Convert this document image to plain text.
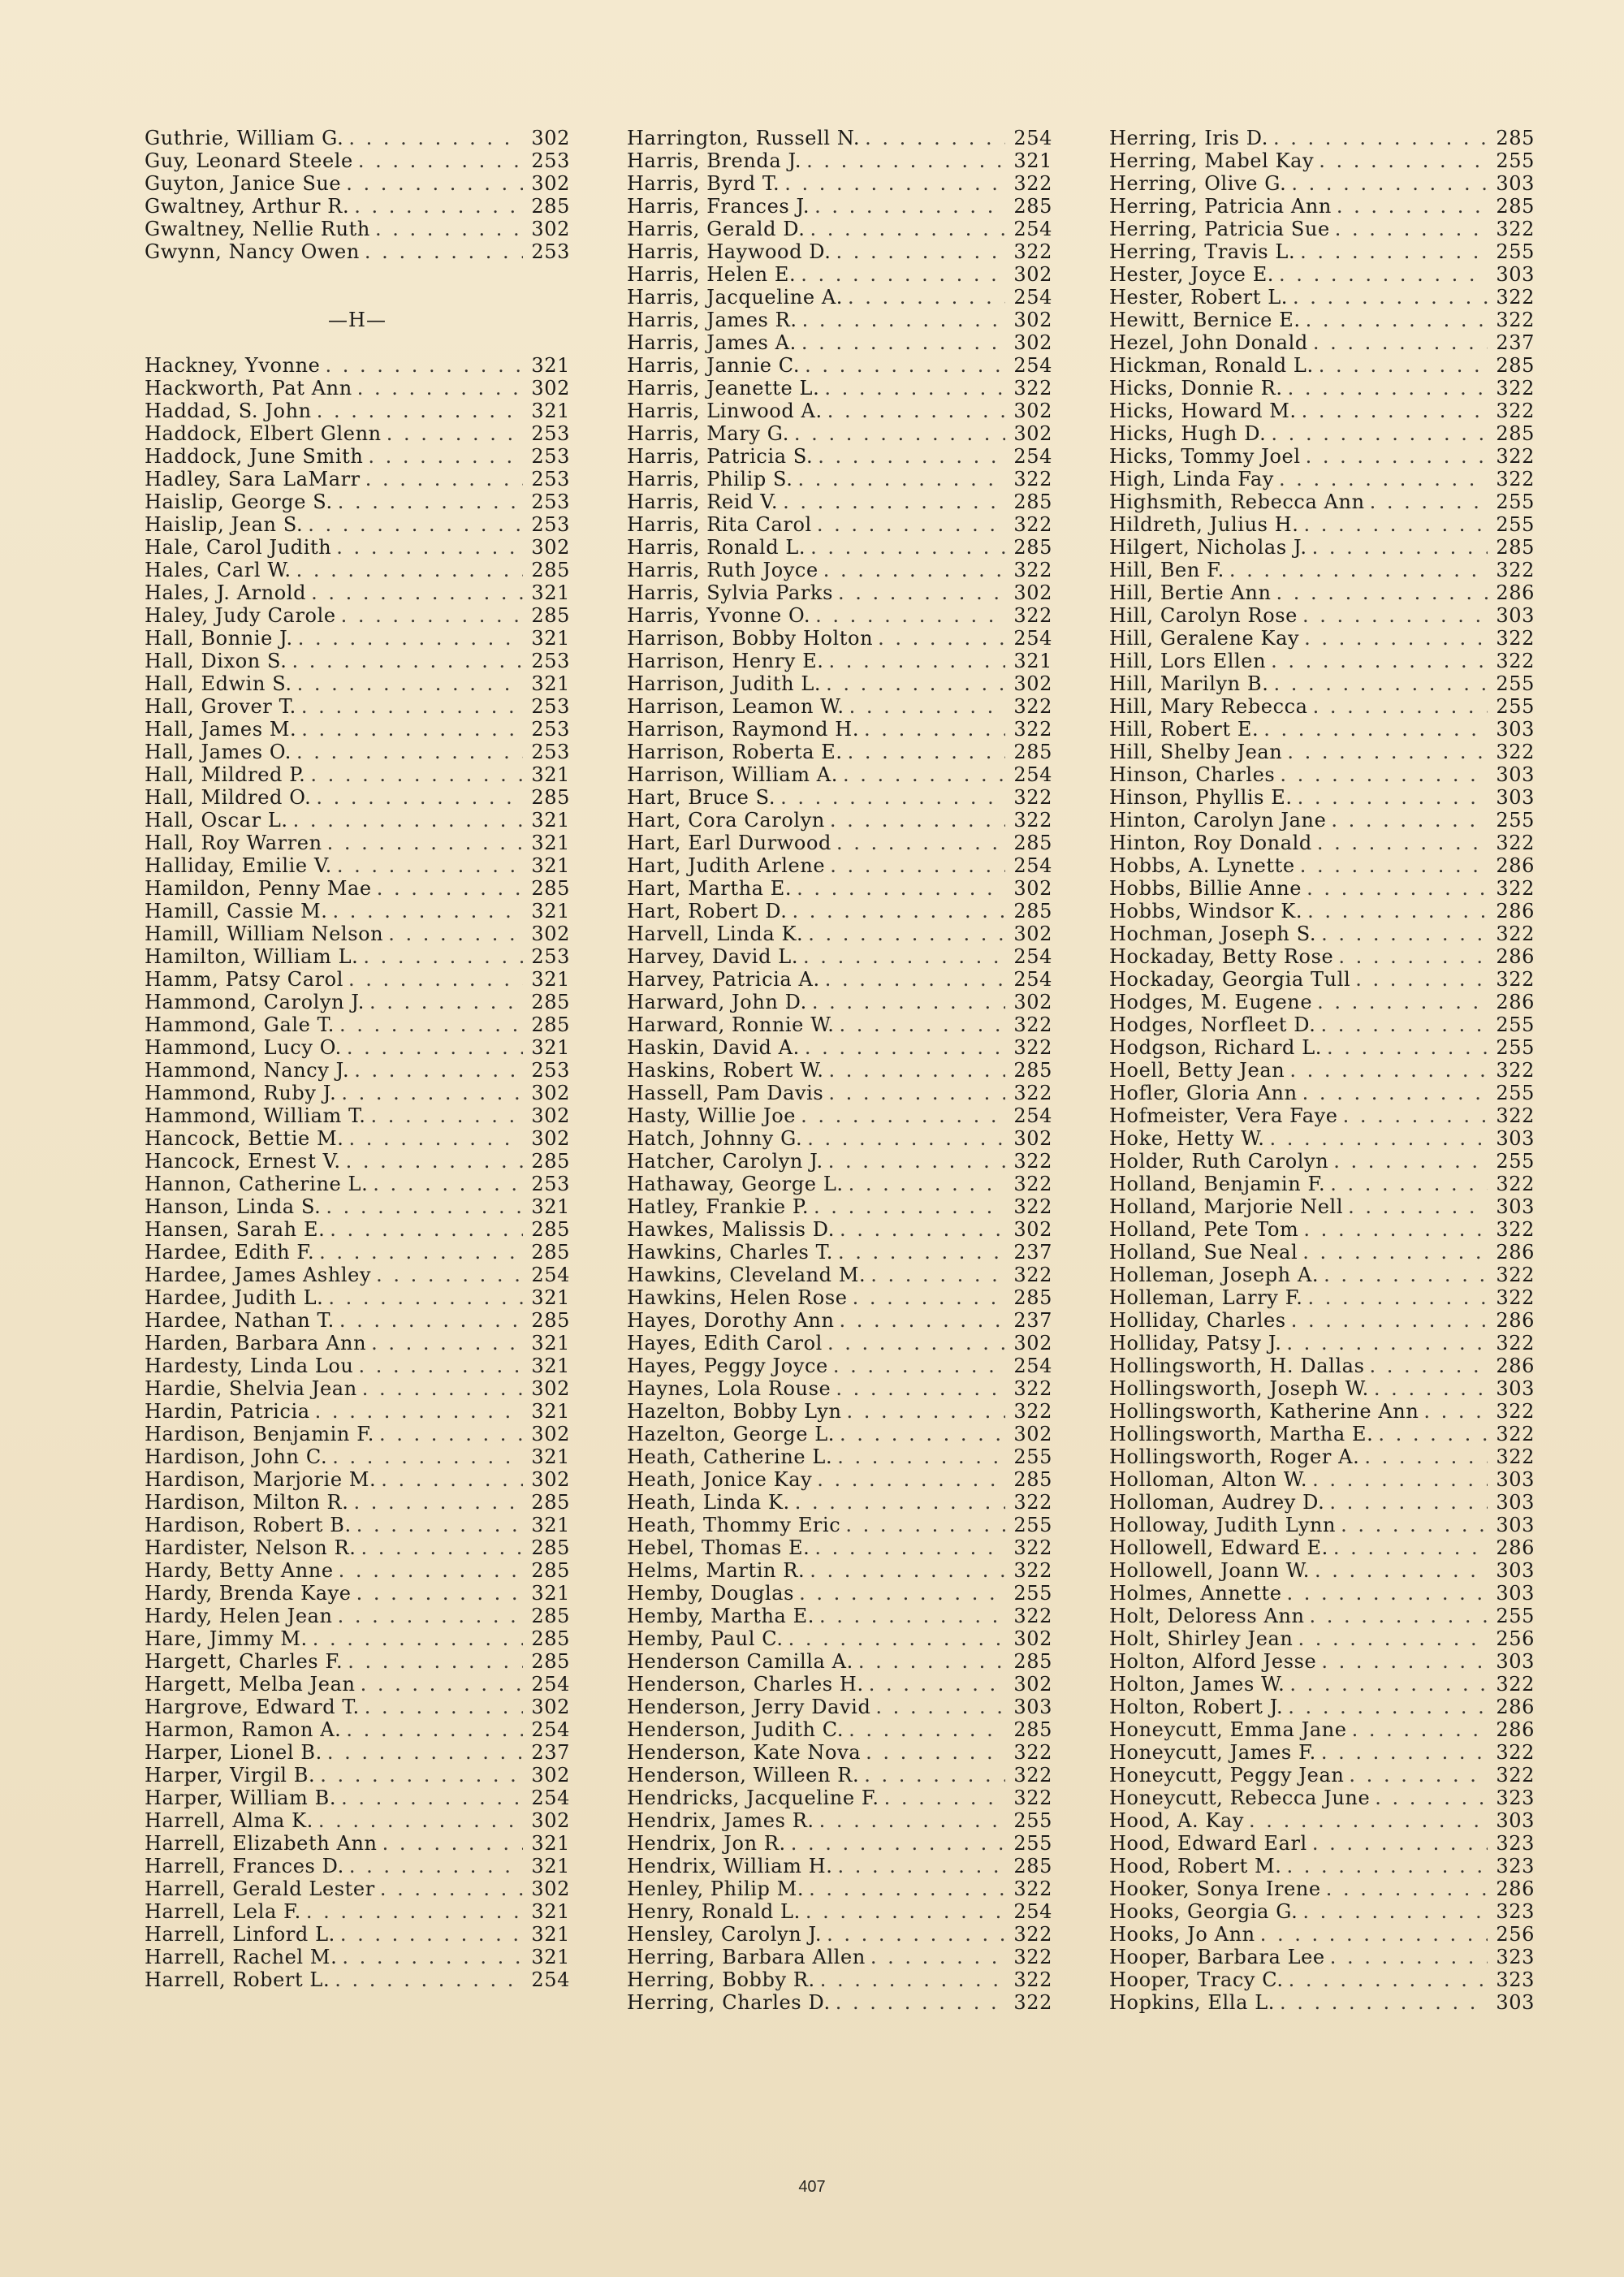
Guthrie, William G. . . .	302
Guy, Leonard Steele . . .	253
Guyton, Janice Sue . . .	302
Gwaltney, Arthur R. . . .	285
Gwaltney, Nellie Ruth . . .	302
Gwynn, Nancy Owen . . .	253
—H—
Hackney, Yvonne . . .	321
Hackworth, Pat Ann . . .	302
Haddad, S. John . . .	321
Haddock, Elbert Glenn . . .	253
Haddock, June Smith . . .	253
Hadley, Sara LaMarr . . .	253
Haislip, George S. . . .	253
Haislip, Jean S. . . .	253
Hale, Carol Judith . . .	302
Hales, Carl W. . . .	285
Hales, J. Arnold . . .	321
Haley, Judy Carole . . .	285
Hall, Bonnie J. . . .	321
Hall, Dixon S. . . .	253
Hall, Edwin S. . . .	321
Hall, Grover T. . . .	253
Hall, James M. . . .	253
Hall, James O. . . .	253
Hall, Mildred P. . . .	321
Hall, Mildred O. . . .	285
Hall, Oscar L. . . .	321
Hall, Roy Warren . . .	321
Halliday, Emilie V. . . .	321
Hamildon, Penny Mae . . .	285
Hamill, Cassie M. . . .	321
Hamill, William Nelson . . .	302
Hamilton, William L. . . .	253
Hamm, Patsy Carol . . .	321
Hammond, Carolyn J. . . .	285
Hammond, Gale T. . . .	285
Hammond, Lucy O. . . .	321
Hammond, Nancy J. . . .	253
Hammond, Ruby J. . . .	302
Hammond, William T. . . .	302
Hancock, Bettie M. . . .	302
Hancock, Ernest V. . . .	285
Hannon, Catherine L. . . .	253
Hanson, Linda S. . . .	321
Hansen, Sarah E. . . .	285
Hardee, Edith F. . . .	285
Hardee, James Ashley . . .	254
Hardee, Judith L. . . .	321
Hardee, Nathan T. . . .	285
Harden, Barbara Ann . . .	321
Hardesty, Linda Lou . . .	321
Hardie, Shelvia Jean . . .	302
Hardin, Patricia . . .	321
Hardison, Benjamin F. . . .	302
Hardison, John C. . . .	321
Hardison, Marjorie M. . . .	302
Hardison, Milton R. . . .	285
Hardison, Robert B. . . .	321
Hardister, Nelson R. . . .	285
Hardy, Betty Anne . . .	285
Hardy, Brenda Kaye . . .	321
Hardy, Helen Jean . . .	285
Hare, Jimmy M. . . .	285
Hargett, Charles F. . . .	285
Hargett, Melba Jean . . .	254
Hargrove, Edward T. . . .	302
Harmon, Ramon A. . . .	254
Harper, Lionel B. . . .	237
Harper, Virgil B. . . .	302
Harper, William B. . . .	254
Harrell, Alma K. . . .	302
Harrell, Elizabeth Ann . . .	321
Harrell, Frances D. . . .	321
Harrell, Gerald Lester . . .	302
Harrell, Lela F. . . .	321
Harrell, Linford L. . . .	321
Harrell, Rachel M. . . .	321
Harrell, Robert L. . . .	254
Harrington, Russell N. . . .	254
Harris, Brenda J. . . .	321
Harris, Byrd T. . . .	322
Harris, Frances J. . . .	285
Harris, Gerald D. . . .	254
Harris, Haywood D. . . .	322
Harris, Helen E. . . .	302
Harris, Jacqueline A. . . .	254
Harris, James R. . . .	302
Harris, James A. . . .	302
Harris, Jannie C. . . .	254
Harris, Jeanette L. . . .	322
Harris, Linwood A. . . .	302
Harris, Mary G. . . .	302
Harris, Patricia S. . . .	254
Harris, Philip S. . . .	322
Harris, Reid V. . . .	285
Harris, Rita Carol . . .	322
Harris, Ronald L. . . .	285
Harris, Ruth Joyce . . .	322
Harris, Sylvia Parks . . .	302
Harris, Yvonne O. . . .	322
Harrison, Bobby Holton . . .	254
Harrison, Henry E. . . .	321
Harrison, Judith L. . . .	302
Harrison, Leamon W. . . .	322
Harrison, Raymond H. . . .	322
Harrison, Roberta E. . . .	285
Harrison, William A. . . .	254
Hart, Bruce S. . . .	322
Hart, Cora Carolyn . . .	322
Hart, Earl Durwood . . .	285
Hart, Judith Arlene . . .	254
Hart, Martha E. . . .	302
Hart, Robert D. . . .	285
Harvell, Linda K. . . .	302
Harvey, David L. . . .	254
Harvey, Patricia A. . . .	254
Harward, John D. . . .	302
Harward, Ronnie W. . . .	322
Haskin, David A. . . .	322
Haskins, Robert W. . . .	285
Hassell, Pam Davis . . .	322
Hasty, Willie Joe . . .	254
Hatch, Johnny G. . . .	302
Hatcher, Carolyn J. . . .	322
Hathaway, George L. . . .	322
Hatley, Frankie P. . . .	322
Hawkes, Malissis D. . . .	302
Hawkins, Charles T. . . .	237
Hawkins, Cleveland M. . . .	322
Hawkins, Helen Rose . . .	285
Hayes, Dorothy Ann . . .	237
Hayes, Edith Carol . . .	302
Hayes, Peggy Joyce . . .	254
Haynes, Lola Rouse . . .	322
Hazelton, Bobby Lyn . . .	322
Hazelton, George L. . . .	302
Heath, Catherine L. . . .	255
Heath, Jonice Kay . . .	285
Heath, Linda K. . . .	322
Heath, Thommy Eric . . .	255
Hebel, Thomas E. . . .	322
Helms, Martin R. . . .	322
Hemby, Douglas . . .	255
Hemby, Martha E. . . .	322
Hemby, Paul C. . . .	302
Henderson Camilla A. . . .	285
Henderson, Charles H. . . .	302
Henderson, Jerry David . . .	303
Henderson, Judith C. . . .	285
Henderson, Kate Nova . . .	322
Henderson, Willeen R. . . .	322
Hendricks, Jacqueline F. . . .	322
Hendrix, James R. . . .	255
Hendrix, Jon R. . . .	255
Hendrix, William H. . . .	285
Henley, Philip M. . . .	322
Henry, Ronald L. . . .	254
Hensley, Carolyn J. . . .	322
Herring, Barbara Allen . . .	322
Herring, Bobby R. . . .	322
Herring, Charles D. . . .	322
Herring, Iris D. . . .	285
Herring, Mabel Kay . . .	255
Herring, Olive G. . . .	303
Herring, Patricia Ann . . .	285
Herring, Patricia Sue . . .	322
Herring, Travis L. . . .	255
Hester, Joyce E. . . .	303
Hester, Robert L. . . .	322
Hewitt, Bernice E. . . .	322
Hezel, John Donald . . .	237
Hickman, Ronald L. . . .	285
Hicks, Donnie R. . . .	322
Hicks, Howard M. . . .	322
Hicks, Hugh D. . . .	285
Hicks, Tommy Joel . . .	322
High, Linda Fay . . .	322
Highsmith, Rebecca Ann . . .	255
Hildreth, Julius H. . . .	255
Hilgert, Nicholas J. . . .	285
Hill, Ben F. . . .	322
Hill, Bertie Ann . . .	286
Hill, Carolyn Rose . . .	303
Hill, Geralene Kay . . .	322
Hill, Lors Ellen . . .	322
Hill, Marilyn B. . . .	255
Hill, Mary Rebecca . . .	255
Hill, Robert E. . . .	303
Hill, Shelby Jean . . .	322
Hinson, Charles . . .	303
Hinson, Phyllis E. . . .	303
Hinton, Carolyn Jane . . .	255
Hinton, Roy Donald . . .	322
Hobbs, A. Lynette . . .	286
Hobbs, Billie Anne . . .	322
Hobbs, Windsor K. . . .	286
Hochman, Joseph S. . . .	322
Hockaday, Betty Rose . . .	286
Hockaday, Georgia Tull . . .	322
Hodges, M. Eugene . . .	286
Hodges, Norfleet D. . . .	255
Hodgson, Richard L. . . .	255
Hoell, Betty Jean . . .	322
Hofler, Gloria Ann . . .	255
Hofmeister, Vera Faye . . .	322
Hoke, Hetty W. . . .	303
Holder, Ruth Carolyn . . .	255
Holland, Benjamin F. . . .	322
Holland, Marjorie Nell . . .	303
Holland, Pete Tom . . .	322
Holland, Sue Neal . . .	286
Holleman, Joseph A. . . .	322
Holleman, Larry F. . . .	322
Holliday, Charles . . .	286
Holliday, Patsy J. . . .	322
Hollingsworth, H. Dallas . . .	286
Hollingsworth, Joseph W. . . .	303
Hollingsworth, Katherine Ann . . .	322
Hollingsworth, Martha E. . . .	322
Hollingsworth, Roger A. . . .	322
Holloman, Alton W. . . .	303
Holloman, Audrey D. . . .	303
Holloway, Judith Lynn . . .	303
Hollowell, Edward E. . . .	286
Hollowell, Joann W. . . .	303
Holmes, Annette . . .	303
Holt, Deloress Ann . . .	255
Holt, Shirley Jean . . .	256
Holton, Alford Jesse . . .	303
Holton, James W. . . .	322
Holton, Robert J. . . .	286
Honeycutt, Emma Jane . . .	286
Honeycutt, James F. . . .	322
Honeycutt, Peggy Jean . . .	322
Honeycutt, Rebecca June . . .	323
Hood, A. Kay . . .	303
Hood, Edward Earl . . .	323
Hood, Robert M. . . .	323
Hooker, Sonya Irene . . .	286
Hooks, Georgia G. . . .	323
Hooks, Jo Ann . . .	256
Hooper, Barbara Lee . . .	323
Hooper, Tracy C. . . .	323
Hopkins, Ella L. . . .	303
407
